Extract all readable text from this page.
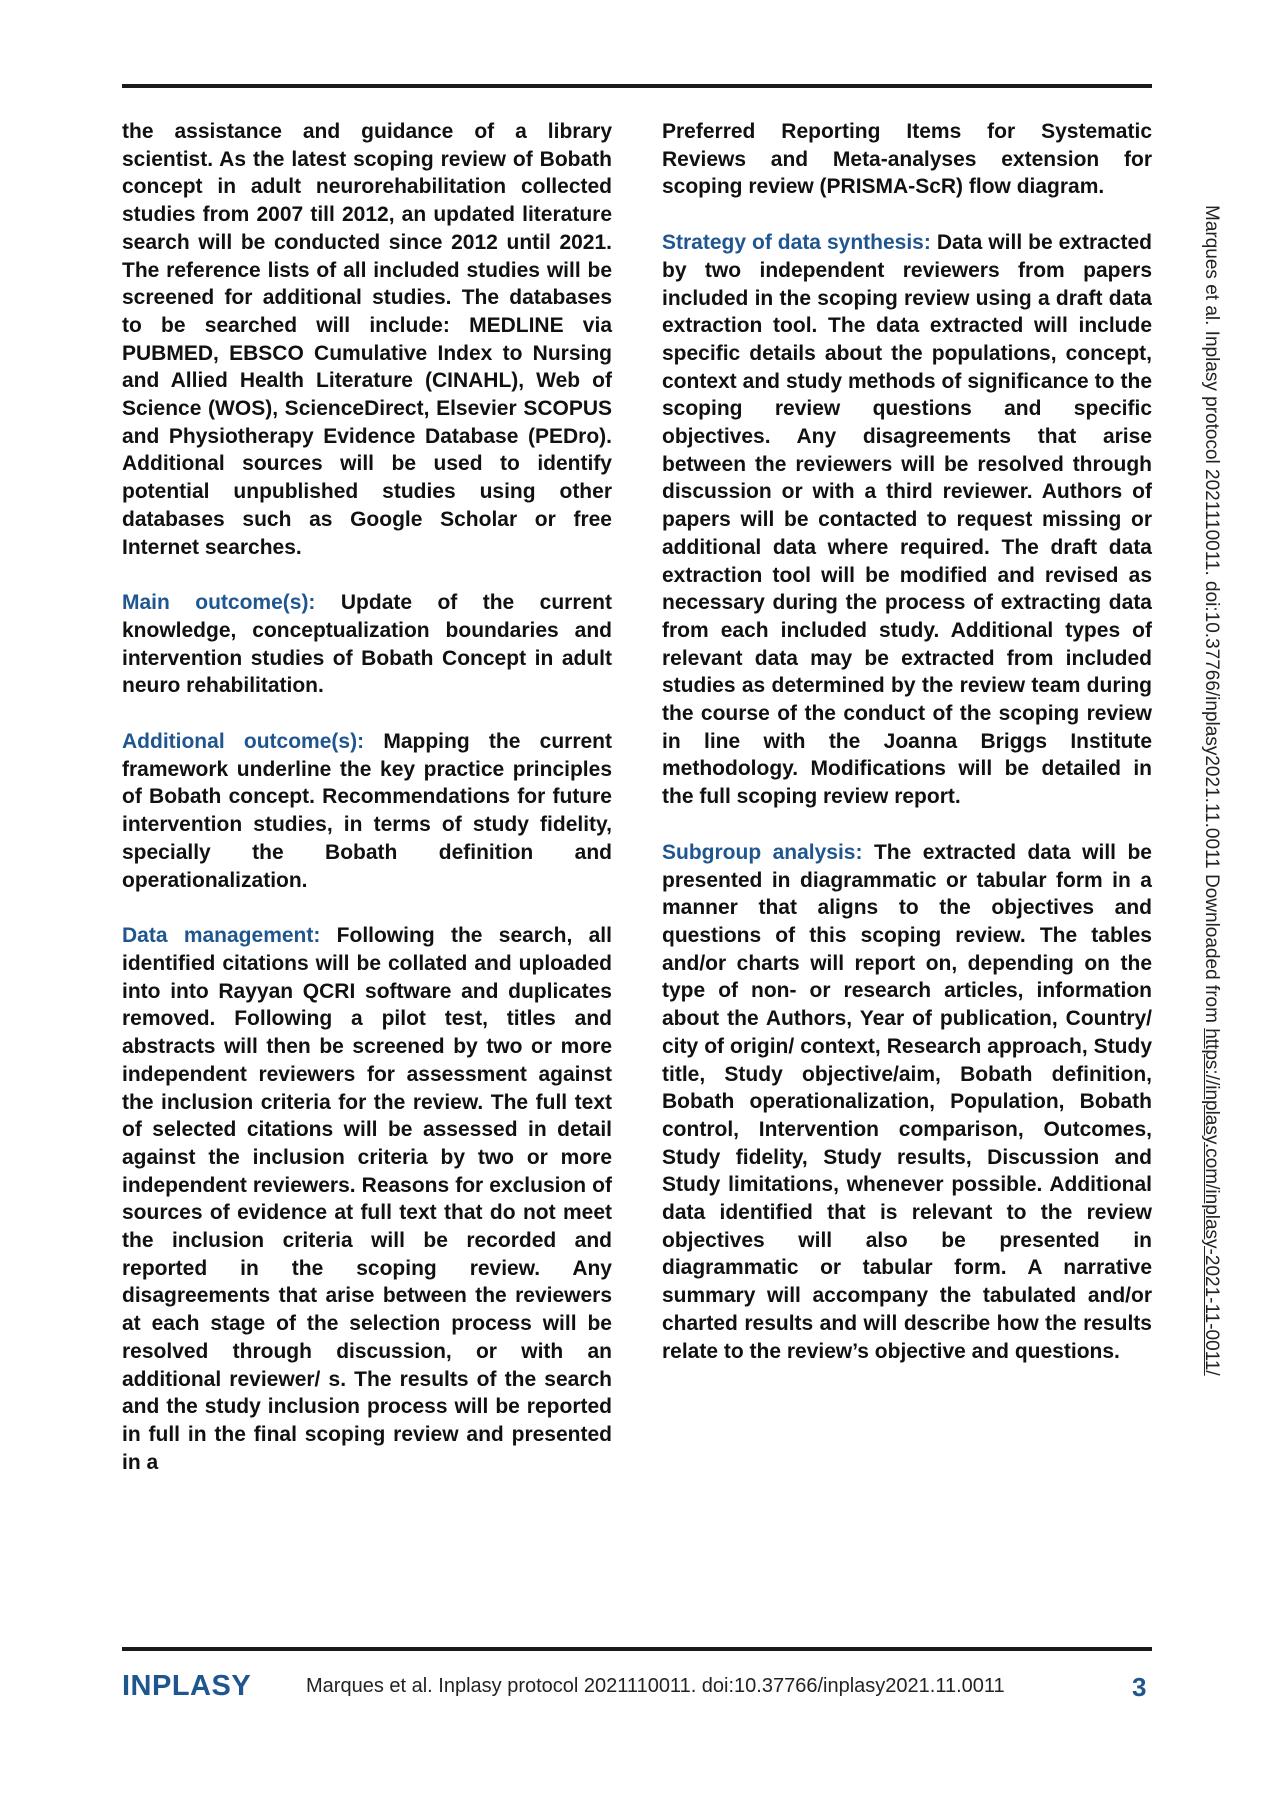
the assistance and guidance of a library scientist. As the latest scoping review of Bobath concept in adult neurorehabilitation collected studies from 2007 till 2012, an updated literature search will be conducted since 2012 until 2021. The reference lists of all included studies will be screened for additional studies. The databases to be searched will include: MEDLINE via PUBMED, EBSCO Cumulative Index to Nursing and Allied Health Literature (CINAHL), Web of Science (WOS), ScienceDirect, Elsevier SCOPUS and Physiotherapy Evidence Database (PEDro). Additional sources will be used to identify potential unpublished studies using other databases such as Google Scholar or free Internet searches.

Main outcome(s): Update of the current knowledge, conceptualization boundaries and intervention studies of Bobath Concept in adult neuro rehabilitation.

Additional outcome(s): Mapping the current framework underline the key practice principles of Bobath concept. Recommendations for future intervention studies, in terms of study fidelity, specially the Bobath definition and operationalization.

Data management: Following the search, all identified citations will be collated and uploaded into into Rayyan QCRI software and duplicates removed. Following a pilot test, titles and abstracts will then be screened by two or more independent reviewers for assessment against the inclusion criteria for the review. The full text of selected citations will be assessed in detail against the inclusion criteria by two or more independent reviewers. Reasons for exclusion of sources of evidence at full text that do not meet the inclusion criteria will be recorded and reported in the scoping review. Any disagreements that arise between the reviewers at each stage of the selection process will be resolved through discussion, or with an additional reviewer/ s. The results of the search and the study inclusion process will be reported in full in the final scoping review and presented in a

Preferred Reporting Items for Systematic Reviews and Meta-analyses extension for scoping review (PRISMA-ScR) flow diagram.

Strategy of data synthesis: Data will be extracted by two independent reviewers from papers included in the scoping review using a draft data extraction tool. The data extracted will include specific details about the populations, concept, context and study methods of significance to the scoping review questions and specific objectives. Any disagreements that arise between the reviewers will be resolved through discussion or with a third reviewer. Authors of papers will be contacted to request missing or additional data where required. The draft data extraction tool will be modified and revised as necessary during the process of extracting data from each included study. Additional types of relevant data may be extracted from included studies as determined by the review team during the course of the conduct of the scoping review in line with the Joanna Briggs Institute methodology. Modifications will be detailed in the full scoping review report.

Subgroup analysis: The extracted data will be presented in diagrammatic or tabular form in a manner that aligns to the objectives and questions of this scoping review. The tables and/or charts will report on, depending on the type of non- or research articles, information about the Authors, Year of publication, Country/ city of origin/ context, Research approach, Study title, Study objective/aim, Bobath definition, Bobath operationalization, Population, Bobath control, Intervention comparison, Outcomes, Study fidelity, Study results, Discussion and Study limitations, whenever possible. Additional data identified that is relevant to the review objectives will also be presented in diagrammatic or tabular form. A narrative summary will accompany the tabulated and/or charted results and will describe how the results relate to the review’s objective and questions.

Marques et al. Inplasy protocol 2021110011. doi:10.37766/inplasy2021.11.0011 Downloaded from https://inplasy.com/inplasy-2021-11-0011/
INPLASY	Marques et al. Inplasy protocol 2021110011. doi:10.37766/inplasy2021.11.0011	3
